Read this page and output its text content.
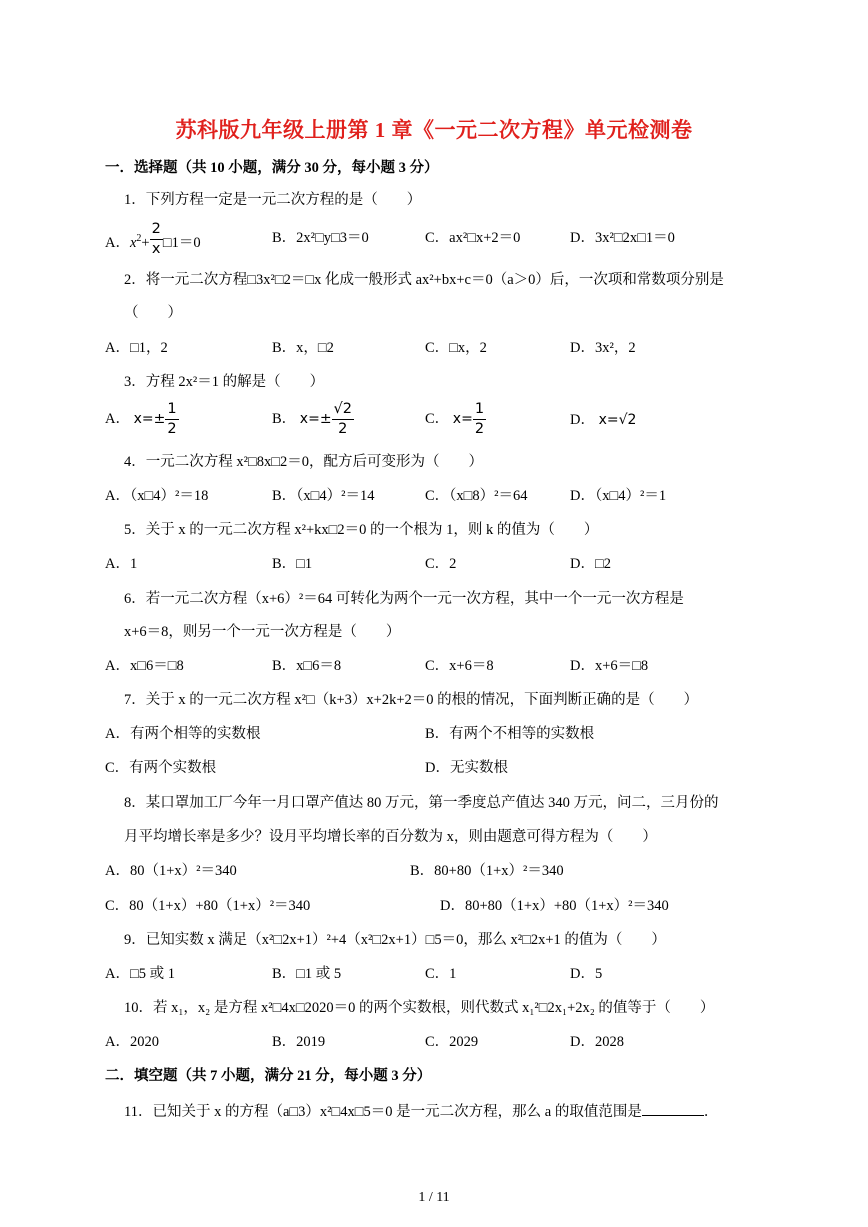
苏科版九年级上册第 1 章《一元二次方程》单元检测卷
一．选择题（共 10 小题，满分 30 分，每小题 3 分）
1．下列方程一定是一元二次方程的是（　　）
A．$x^2+ \frac{2}{x}$ □1＝0	B．2x²□y□3＝0	C．ax²□x+2＝0	D．3x²□2x□1＝0
2．将一元二次方程□3x²□2＝□x 化成一般形式 ax²+bx+c＝0（a＞0）后，一次项和常数项分别是
（　　）
A．□1，2	B．x，□2	C．□x，2	D．3x²，2
3．方程 2x²＝1 的解是（　　）
A． $x=\pm \frac{1}{2}$	B． $x=\pm \frac{√2}{2}$	C． $x= \frac{1}{2}$	D． x=√2
4．一元二次方程 x²□8x□2＝0，配方后可变形为（　　）
A．（x□4）²＝18	B．（x□4）²＝14	C．（x□8）²＝64	D．（x□4）²＝1
5．关于 x 的一元二次方程 x²+kx□2＝0 的一个根为 1，则 k 的值为（　　）
A．1	B．□1	C．2	D．□2
6．若一元二次方程（x+6）²＝64 可转化为两个一元一次方程，其中一个一元一次方程是
x+6＝8，则另一个一元一次方程是（　　）
A．x□6＝□8	B．x□6＝8	C．x+6＝8	D．x+6＝□8
7．关于 x 的一元二次方程 x²□（k+3）x+2k+2＝0 的根的情况，下面判断正确的是（　　）
A．有两个相等的实数根	B．有两个不相等的实数根
C．有两个实数根	D．无实数根
8．某口罩加工厂今年一月口罩产值达 80 万元，第一季度总产值达 340 万元，问二，三月份的
月平均增长率是多少？设月平均增长率的百分数为 x，则由题意可得方程为（　　）
A．80（1+x）²＝340	B．80+80（1+x）²＝340
C．80（1+x）+80（1+x）²＝340	D．80+80（1+x）+80（1+x）²＝340
9．已知实数 x 满足（x²□2x+1）²+4（x²□2x+1）□5＝0，那么 x²□2x+1 的值为（　　）
A．□5 或 1	B．□1 或 5	C．1	D．5
10．若 x₁，x₂ 是方程 x²□4x□2020＝0 的两个实数根，则代数式 x₁²□2x₁+2x₂ 的值等于（　　）
A．2020	B．2019	C．2029	D．2028
二．填空题（共 7 小题，满分 21 分，每小题 3 分）
11．已知关于 x 的方程（a□3）x²□4x□5＝0 是一元二次方程，那么 a 的取值范围是	．
1 / 11
